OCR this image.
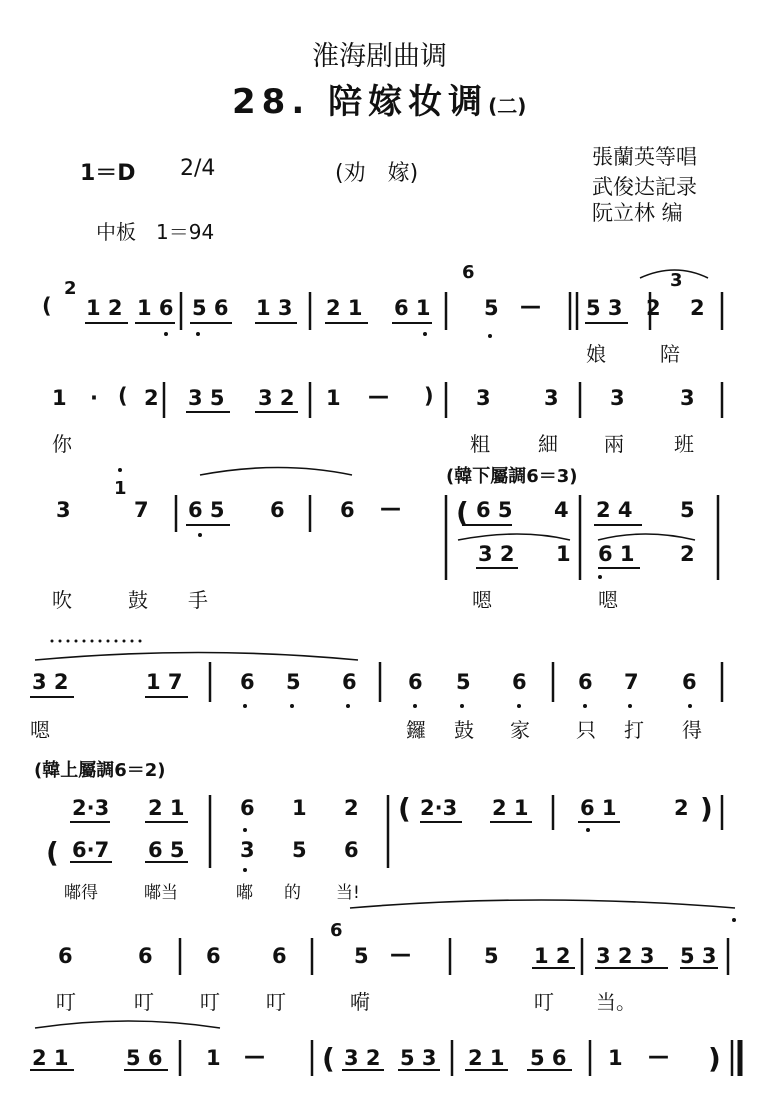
淮海剧曲调
28. 陪嫁妆调(二)
1＝D 2/4	(劝　嫁)
中板　1＝94
張蘭英等唱
武俊达記录
阮立林 编
(
2
1 2 1 6 5 6 1 3 2 1 6 1
6
5 — 5 3 2
3
2
娘	陪
1 · ( 2 3 5 3 2 1 — ) 3	3 3	3
你	粗 細 兩	班
(韓下屬調6＝3)
3
1
7 6 5 6	6 — ( 6 5 4 2 4 5
3 2 1 6 1 2
吹	鼓 手	嗯	嗯
3 2	1 7	6 5 6 6 5 6 6 7 6
嗯	鑼 鼓 家 只 打 得
(韓上屬調6＝2)
2·3 2 1	6 1 2 ( 2·3 2 1 6 1	2 )
( 6·7 6 5	3 5 6
嘟得	嘟当	嘟 的 当!
6	6	6 6
6
5 —	5 1 2 3 2 3 5 3
叮	叮 叮 叮	嗬	叮 当。
2 1	5 6 1 — ( 3 2 5 3 2 1 5 6 1 — )
